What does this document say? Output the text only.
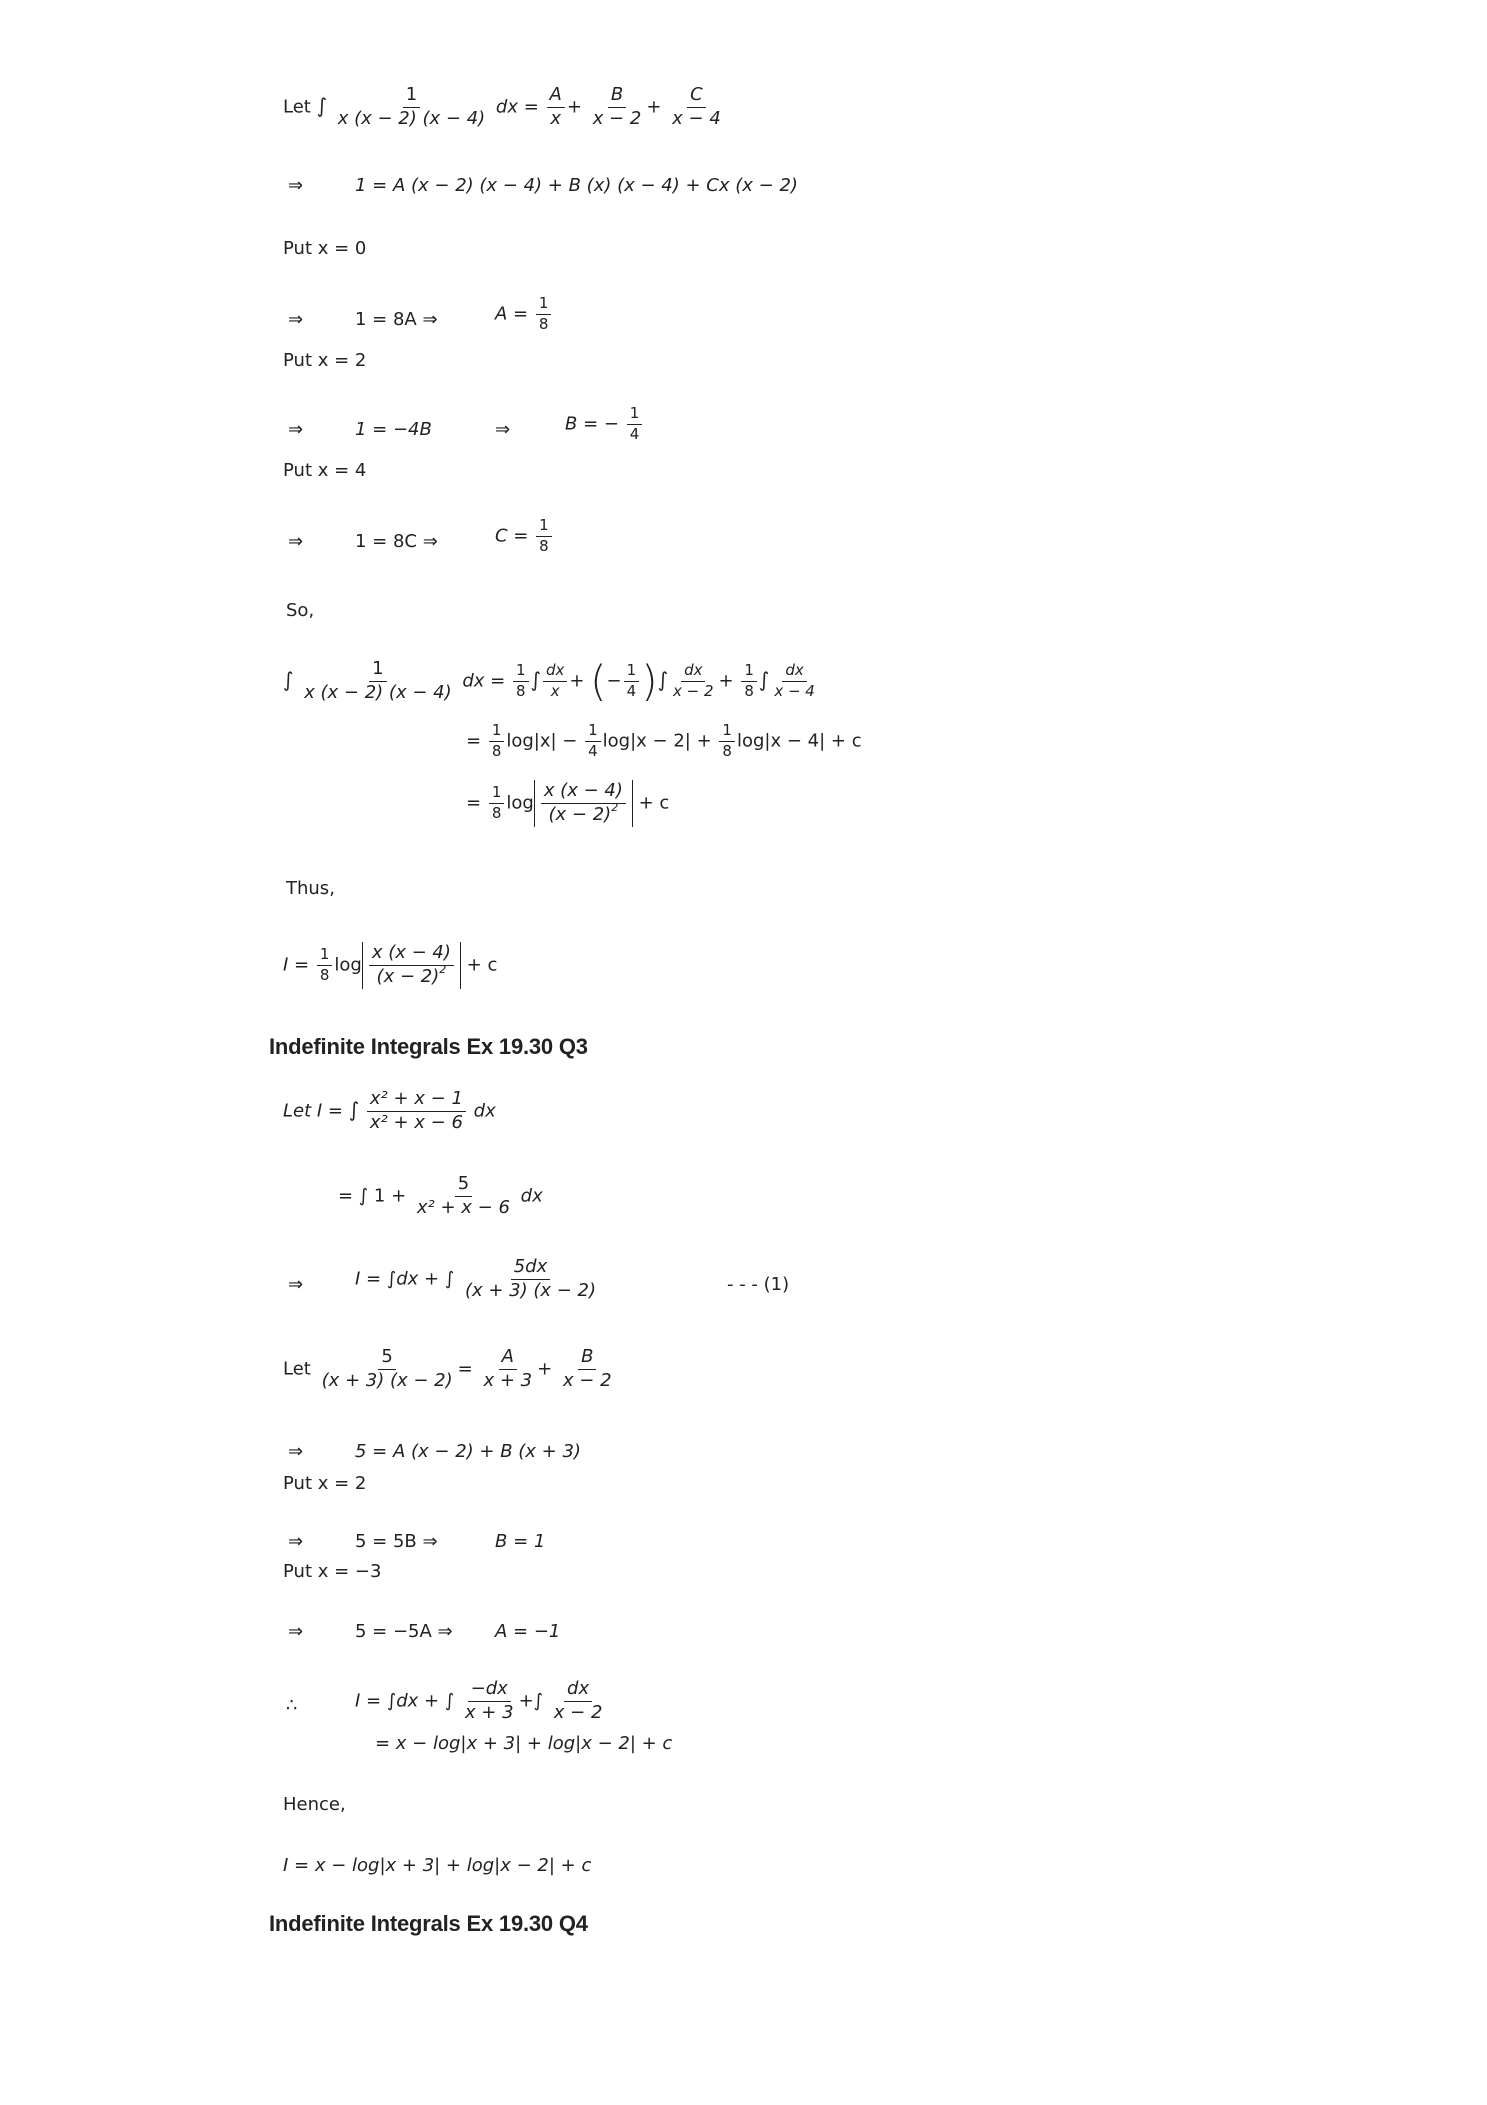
Let ∫ $\frac{1}{x (x - 2) (x - 4)}$ dx = $\frac{A}{x} + \frac{B}{x - 2} + \frac{C}{x - 4}$
⇒	1 = A (x − 2) (x − 4) + B (x) (x − 4) + Cx (x − 2)
Put x = 0
⇒	1 = 8A ⇒	$A = \frac{1}{8}$
Put x = 2
⇒	1 = −4B	⇒	B = − $\frac{1}{4}$
Put x = 4
⇒	1 = 8C ⇒	$C = \frac{1}{8}$
So,
∫ $\frac{1}{x (x - 2) (x - 4)}$ dx = $\frac{1}{8}$ ∫ $\frac{dx}{x}$ + (− $\frac{1}{4}$ )∫ $\frac{dx}{x - 2} + \frac{1}{8}$ ∫ $\frac{dx}{x - 4}$
= $\frac{1}{8} \log|x| - \frac{1}{4} \log|x - 2| + \frac{1}{8} \log|x - 4| + c$
= $\frac{1}{8}$ $\log \frac{x (x - 4)}{(x - 2)^2} + c$
Thus,
$I = \frac{1}{8}$ $\log \frac{x (x - 4)}{(x - 2)^2} + c$
Indefinite Integrals Ex 19.30 Q3
Let I = ∫ $\frac{\text{x² + x − 1}}{\text{x² + x − 6}}$ dx
= ∫ $1 + \frac{5}{\text{x² + x − 6}}$ dx
⇒	I = ∫dx + ∫ $\frac{5dx}{(x + 3) (x - 2)}$	- - - (1)
Let $\frac{5}{(x + 3) (x - 2)} = \frac{A}{x + 3} + \frac{B}{x - 2}$
⇒	5 = A (x − 2) + B (x + 3)
Put x = 2
⇒	5 = 5B ⇒	B = 1
Put x = −3
⇒	5 = −5A ⇒ A = −1
∴	I = ∫dx + ∫ $\frac{-dx}{x + 3}$ +∫ $\frac{dx}{x - 2}$
= x − log|x + 3| + log|x − 2| + c
Hence,
I = x − log|x + 3| + log|x − 2| + c
Indefinite Integrals Ex 19.30 Q4
